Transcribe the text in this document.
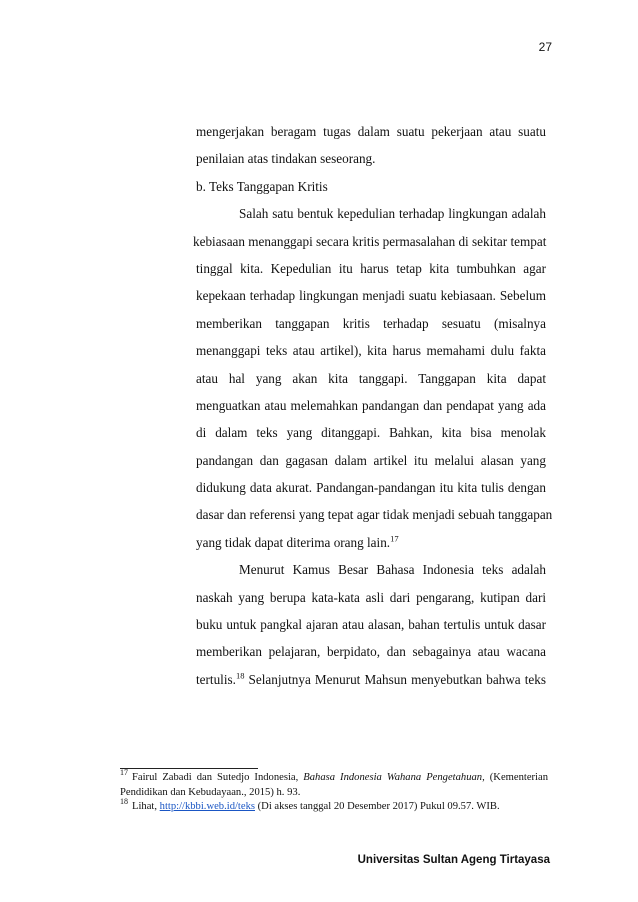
27
mengerjakan beragam tugas dalam suatu pekerjaan atau suatu
penilaian atas tindakan seseorang.
b. Teks Tanggapan Kritis
Salah satu bentuk kepedulian terhadap lingkungan adalah
kebiasaan menanggapi secara kritis permasalahan di sekitar tempat
tinggal kita. Kepedulian itu harus tetap kita tumbuhkan agar
kepekaan terhadap lingkungan menjadi suatu kebiasaan. Sebelum
memberikan tanggapan kritis terhadap sesuatu (misalnya
menanggapi teks atau artikel), kita harus memahami dulu fakta
atau hal yang akan kita tanggapi. Tanggapan kita dapat
menguatkan atau melemahkan pandangan dan pendapat yang ada
di dalam teks yang ditanggapi. Bahkan, kita bisa menolak
pandangan dan gagasan dalam artikel itu melalui alasan yang
didukung data akurat. Pandangan-pandangan itu kita tulis dengan
dasar dan referensi yang tepat agar tidak menjadi sebuah tanggapan
yang tidak dapat diterima orang lain.$^{17}$
Menurut Kamus Besar Bahasa Indonesia teks adalah
naskah yang berupa kata-kata asli dari pengarang, kutipan dari
buku untuk pangkal ajaran atau alasan, bahan tertulis untuk dasar
memberikan pelajaran, berpidato, dan sebagainya atau wacana
tertulis.$^{18}$ Selanjutnya Menurut Mahsun menyebutkan bahwa teks
$^{17}$ Fairul Zabadi dan Sutedjo Indonesia, Bahasa Indonesia Wahana Pengetahuan, (Kementerian
Pendidikan dan Kebudayaan., 2015) h. 93.
$^{18}$ Lihat, http://kbbi.web.id/teks (Di akses tanggal 20 Desember 2017) Pukul 09.57. WIB.
Universitas Sultan Ageng Tirtayasa
